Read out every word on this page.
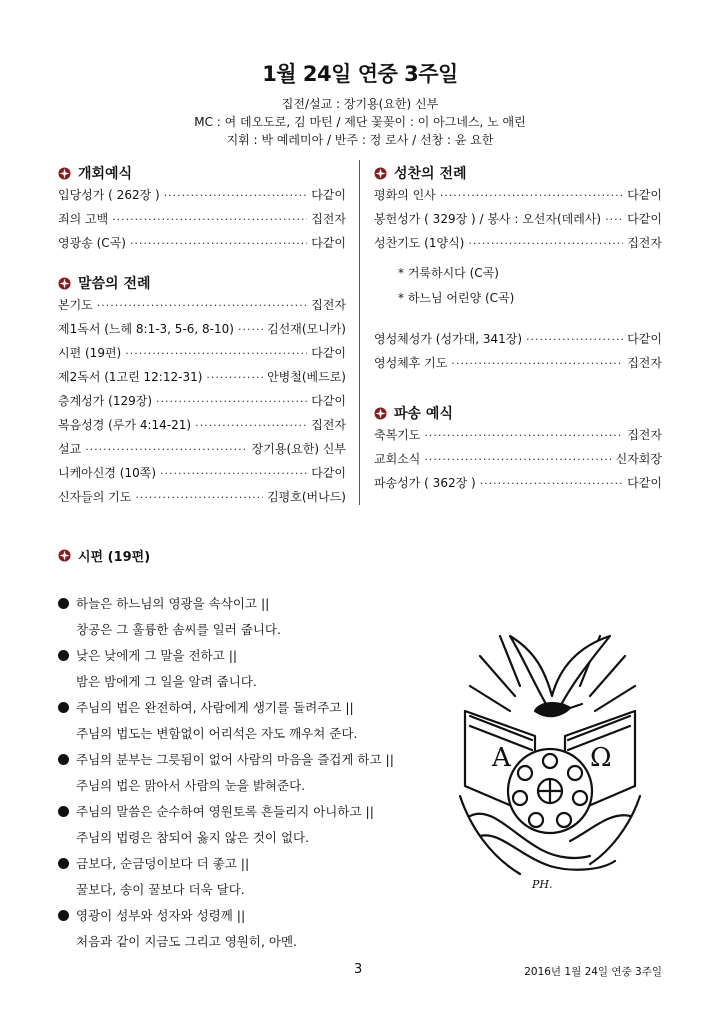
1월 24일 연중 3주일
집전/설교 : 장기용(요한) 신부
MC : 여 데오도로, 김 마틴 / 제단 꽃꽂이 : 이 아그네스, 노 애린
지휘 : 박 예레미아 / 반주 : 정 로사 / 선창 : 윤 요한
개회예식
입당성가 ( 262장 ) ·····	다같이
죄의 고백 ·····	집전자
영광송 (C곡) ·····	다같이
말씀의 전례
본기도 ·····	집전자
제1독서 (느헤 8:1-3, 5-6, 8-10) ·····	김선재(모니카)
시편 (19편) ·····	다같이
제2독서 (1고린 12:12-31) ·····	안병철(베드로)
층계성가 (129장) ·····	다같이
복음성경 (루가 4:14-21) ·····	집전자
설교 ·····	장기용(요한) 신부
니케아신경 (10쪽) ·····	다같이
신자들의 기도 ·····	김평호(버나드)
성찬의 전례
평화의 인사 ·····	다같이
봉헌성가 ( 329장 ) / 봉사 : 오선자(데레사) ····· 다같이
성찬기도 (1양식) ·····	집전자
* 거룩하시다 (C곡)
* 하느님 어린양 (C곡)
영성체성가 (성가대, 341장) ·····	다같이
영성체후 기도 ·····	집전자
파송 예식
축복기도 ·····	집전자
교회소식 ·····	신자회장
파송성가 ( 362장 ) ·····	다같이
시편 (19편)
하늘은 하느님의 영광을 속삭이고 ||
창공은 그 훌륭한 솜씨를 일러 줍니다.
낮은 낮에게 그 말을 전하고 ||
밤은 밤에게 그 일을 알려 줍니다.
주님의 법은 완전하여, 사람에게 생기를 돌려주고 ||
주님의 법도는 변함없이 어리석은 자도 깨우쳐 준다.
주님의 분부는 그릇됨이 없어 사람의 마음을 즐겁게 하고 ||
주님의 법은 맑아서 사람의 눈을 밝혀준다.
주님의 말씀은 순수하여 영원토록 흔들리지 아니하고 ||
주님의 법령은 참되어 옳지 않은 것이 없다.
금보다, 순금덩이보다 더 좋고 ||
꿀보다, 송이 꿀보다 더욱 달다.
영광이 성부와 성자와 성령께 ||
처음과 같이 지금도 그리고 영원히, 아멘.
A	Ω
PH.
3	2016년 1월 24일 연중 3주일
